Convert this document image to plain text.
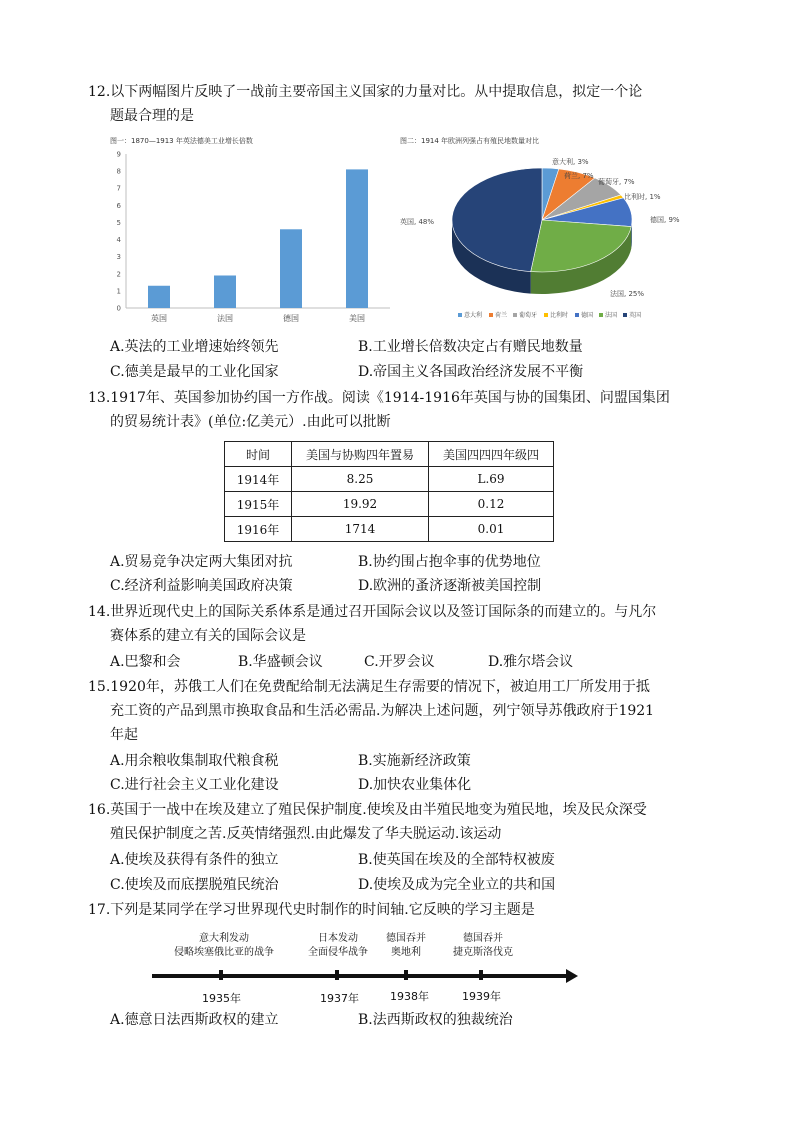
12.以下两幅图片反映了一战前主要帝国主义国家的力量对比。从中提取信息，拟定一个论
题最合理的是
图一：1870—1913 年英法德美工业增长倍数
0
1
2
3
4
5
6
7
8
9
英国	法国	德国	美国
图二：1914 年欧洲列强占有殖民地数量对比
意大利, 3%
荷兰, 7%
葡萄牙, 7%
比利时, 1%
德国, 9%
法国, 25%
英国, 48%
意大利 荷兰 葡萄牙 比利时 德国 法国 英国
A.英法的工业增速始终领先	B.工业增长倍数决定占有赠民地数量
C.德美是最早的工业化国家	D.帝国主义各国政治经济发展不平衡
13.1917年、英国参加协约国一方作战。阅读《1914-1916年英国与协的国集团、问盟国集团
的贸易统计表》(单位:亿美元）.由此可以批断
时间	美国与协购四年置易	美国四四四年级四
1914年	8.25	L.69
1915年	19.92	0.12
1916年	1714	0.01
A.贸易竞争决定两大集团对抗	B.协约围占抱伞事的优势地位
C.经济利益影响美国政府决策	D.欧洲的蚤济逐渐被美国控制
14.世界近现代史上的国际关系体系是通过召开国际会议以及签订国际条的而建立的。与凡尔
赛体系的建立有关的国际会议是
A.巴黎和会	B.华盛顿会议	C.开罗会议	D.雅尔塔会议
15.1920年，苏俄工人们在免费配给制无法满足生存需要的情况下，被迫用工厂所发用于抵
充工资的产品到黑市换取食品和生活必需品.为解决上述问题，列宁领导苏俄政府于1921
年起
A.用余粮收集制取代粮食税	B.实施新经济政策
C.进行社会主义工业化建设	D.加快农业集体化
16.英国于一战中在埃及建立了殖民保护制度.使埃及由半殖民地变为殖民地，埃及民众深受
殖民保护制度之苦.反英情绪强烈.由此爆发了华夫脱运动.该运动
A.使埃及获得有条件的独立	B.使英国在埃及的全部特权被废
C.使埃及而底摆脱殖民统治	D.使埃及成为完全业立的共和国
17.下列是某同学在学习世界现代史时制作的时间轴.它反映的学习主题是
意大利发动
侵略埃塞俄比亚的战争
日本发动
全面侵华战争
德国吞并
奥地利
德国吞并
捷克斯洛伐克
1935年	1937年	1938年	1939年
A.德意日法西斯政权的建立	B.法西斯政权的独裁统治
